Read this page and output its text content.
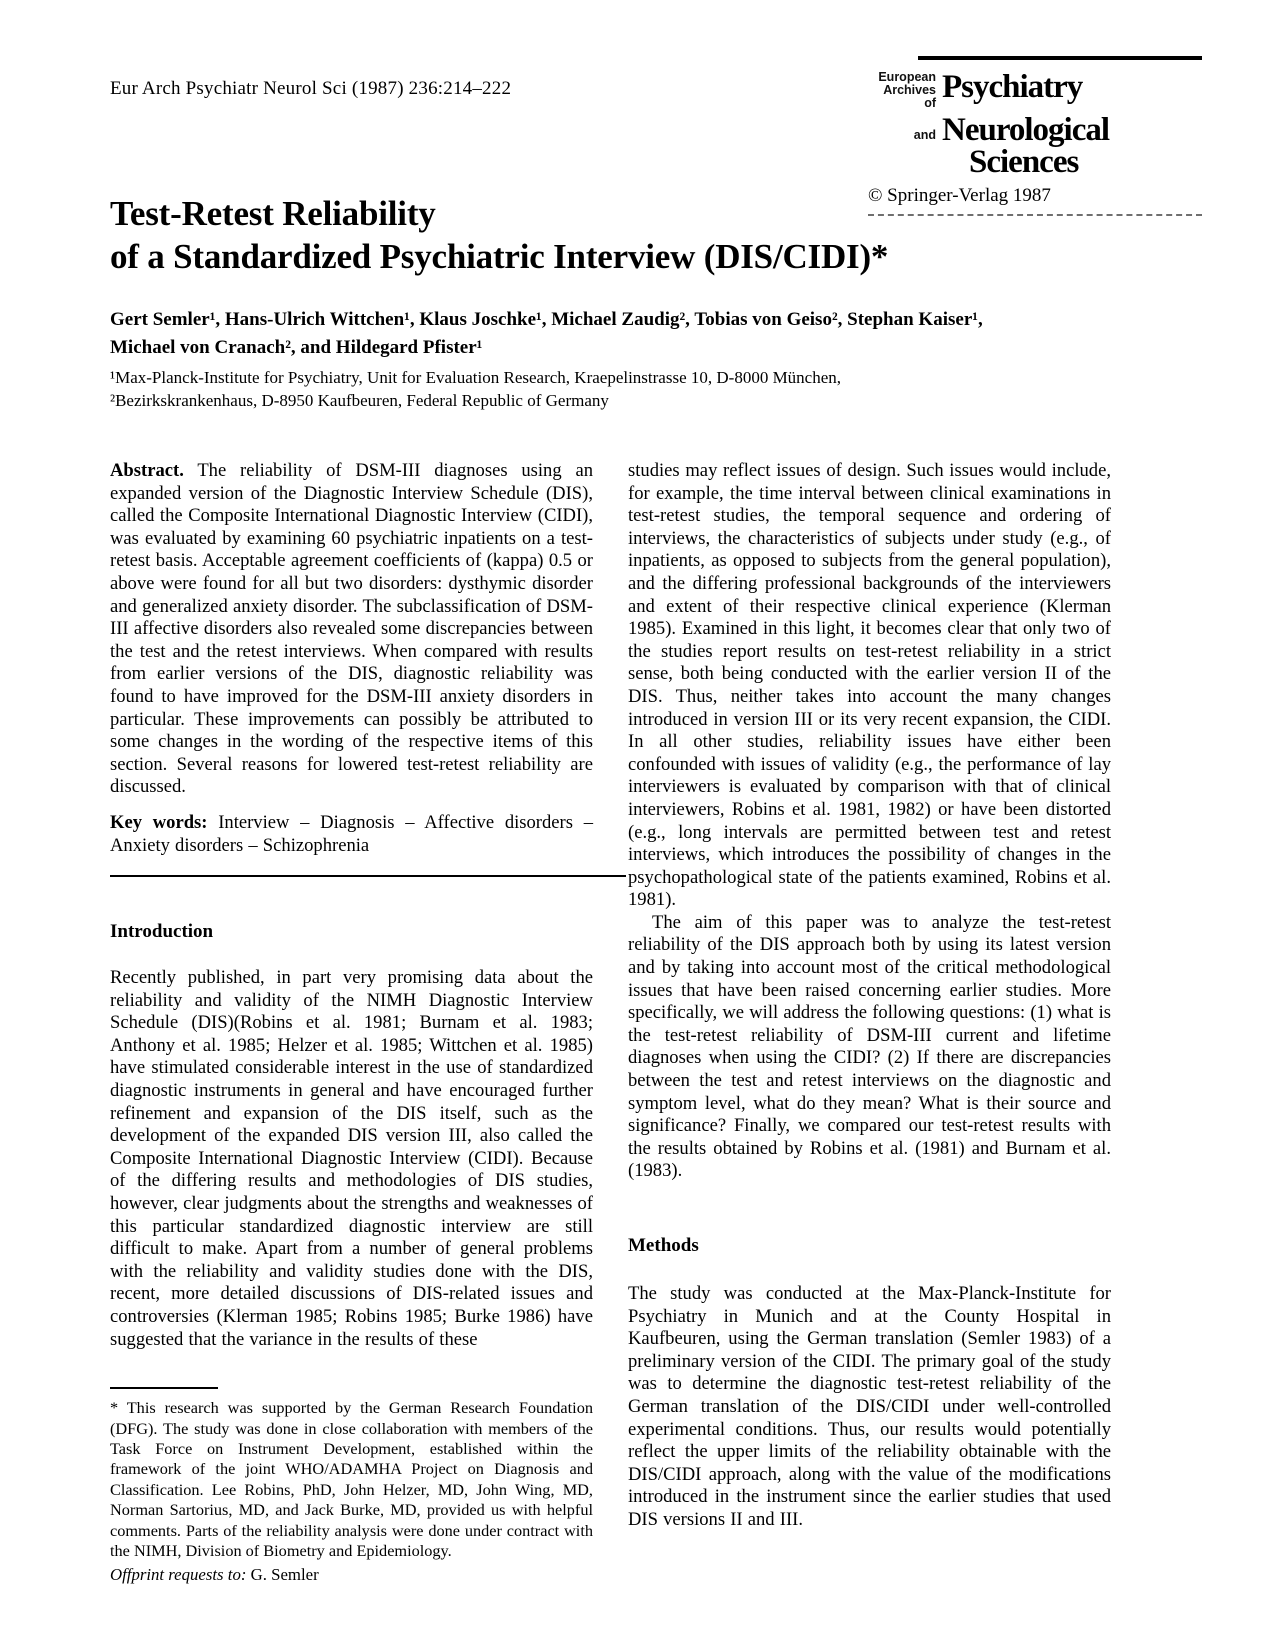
Eur Arch Psychiatr Neurol Sci (1987) 236:214–222
European
Archives of Psychiatry
and Neurological
Sciences
© Springer-Verlag 1987
Test-Retest Reliability
of a Standardized Psychiatric Interview (DIS/CIDI)*
Gert Semler¹, Hans-Ulrich Wittchen¹, Klaus Joschke¹, Michael Zaudig², Tobias von Geiso², Stephan Kaiser¹,
Michael von Cranach², and Hildegard Pfister¹
¹Max-Planck-Institute for Psychiatry, Unit for Evaluation Research, Kraepelinstrasse 10, D-8000 München,
²Bezirkskrankenhaus, D-8950 Kaufbeuren, Federal Republic of Germany

Abstract. The reliability of DSM-III diagnoses using an expanded version of the Diagnostic Interview Schedule (DIS), called the Composite International Diagnostic Interview (CIDI), was evaluated by examining 60 psychiatric inpatients on a test-retest basis. Acceptable agreement coefficients of (kappa) 0.5 or above were found for all but two disorders: dysthymic disorder and generalized anxiety disorder. The subclassification of DSM-III affective disorders also revealed some discrepancies between the test and the retest interviews. When compared with results from earlier versions of the DIS, diagnostic reliability was found to have improved for the DSM-III anxiety disorders in particular. These improvements can possibly be attributed to some changes in the wording of the respective items of this section. Several reasons for lowered test-retest reliability are discussed.

Key words: Interview – Diagnosis – Affective disorders – Anxiety disorders – Schizophrenia

Introduction

Recently published, in part very promising data about the reliability and validity of the NIMH Diagnostic Interview Schedule (DIS)(Robins et al. 1981; Burnam et al. 1983; Anthony et al. 1985; Helzer et al. 1985; Wittchen et al. 1985) have stimulated considerable interest in the use of standardized diagnostic instruments in general and have encouraged further refinement and expansion of the DIS itself, such as the development of the expanded DIS version III, also called the Composite International Diagnostic Interview (CIDI). Because of the differing results and methodologies of DIS studies, however, clear judgments about the strengths and weaknesses of this particular standardized diagnostic interview are still difficult to make. Apart from a number of general problems with the reliability and validity studies done with the DIS, recent, more detailed discussions of DIS-related issues and controversies (Klerman 1985; Robins 1985; Burke 1986) have suggested that the variance in the results of these

* This research was supported by the German Research Foundation (DFG). The study was done in close collaboration with members of the Task Force on Instrument Development, established within the framework of the joint WHO/ADAMHA Project on Diagnosis and Classification. Lee Robins, PhD, John Helzer, MD, John Wing, MD, Norman Sartorius, MD, and Jack Burke, MD, provided us with helpful comments. Parts of the reliability analysis were done under contract with the NIMH, Division of Biometry and Epidemiology.

Offprint requests to: G. Semler

studies may reflect issues of design. Such issues would include, for example, the time interval between clinical examinations in test-retest studies, the temporal sequence and ordering of interviews, the characteristics of subjects under study (e.g., of inpatients, as opposed to subjects from the general population), and the differing professional backgrounds of the interviewers and extent of their respective clinical experience (Klerman 1985). Examined in this light, it becomes clear that only two of the studies report results on test-retest reliability in a strict sense, both being conducted with the earlier version II of the DIS. Thus, neither takes into account the many changes introduced in version III or its very recent expansion, the CIDI. In all other studies, reliability issues have either been confounded with issues of validity (e.g., the performance of lay interviewers is evaluated by comparison with that of clinical interviewers, Robins et al. 1981, 1982) or have been distorted (e.g., long intervals are permitted between test and retest interviews, which introduces the possibility of changes in the psychopathological state of the patients examined, Robins et al. 1981).

The aim of this paper was to analyze the test-retest reliability of the DIS approach both by using its latest version and by taking into account most of the critical methodological issues that have been raised concerning earlier studies. More specifically, we will address the following questions: (1) what is the test-retest reliability of DSM-III current and lifetime diagnoses when using the CIDI? (2) If there are discrepancies between the test and retest interviews on the diagnostic and symptom level, what do they mean? What is their source and significance? Finally, we compared our test-retest results with the results obtained by Robins et al. (1981) and Burnam et al. (1983).

Methods

The study was conducted at the Max-Planck-Institute for Psychiatry in Munich and at the County Hospital in Kaufbeuren, using the German translation (Semler 1983) of a preliminary version of the CIDI. The primary goal of the study was to determine the diagnostic test-retest reliability of the German translation of the DIS/CIDI under well-controlled experimental conditions. Thus, our results would potentially reflect the upper limits of the reliability obtainable with the DIS/CIDI approach, along with the value of the modifications introduced in the instrument since the earlier studies that used DIS versions II and III.
